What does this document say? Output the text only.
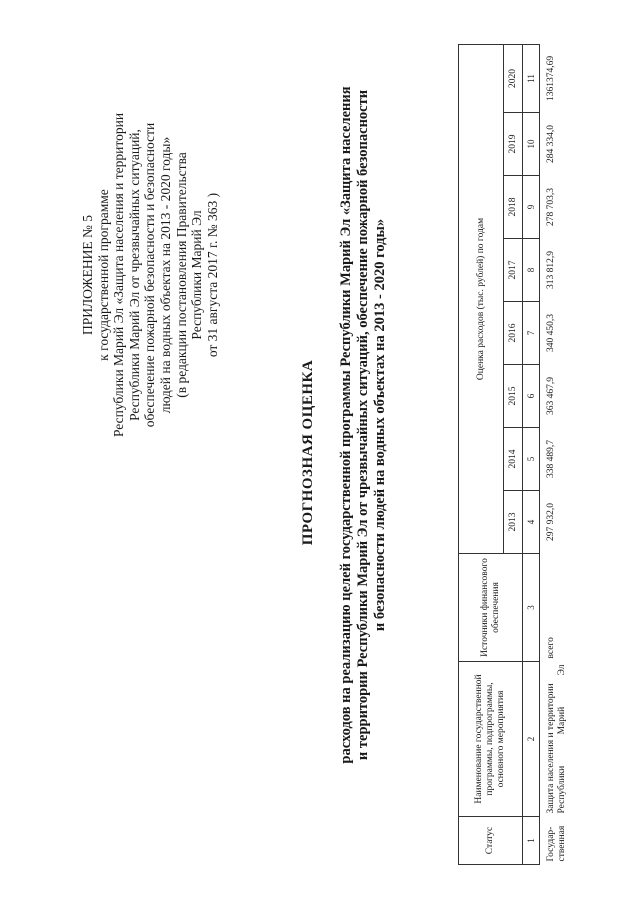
ПРИЛОЖЕНИЕ № 5 к государственной программе Республики Марий Эл «Защита населения и территории Республики Марий Эл от чрезвычайных ситуаций, обеспечение пожарной безопасности и безопасности людей на водных объектах на 2013 - 2020 годы» (в редакции постановления Правительства Республики Марий Эл от 31 августа 2017 г. № 363 )
ПРОГНОЗНАЯ ОЦЕНКА расходов на реализацию целей государственной программы Республики Марий Эл «Защита населения и территории Республики Марий Эл от чрезвычайных ситуаций, обеспечение пожарной безопасности и безопасности людей на водных объектах на 2013 - 2020 годы»
Статус	Наименование государственной программы, подпрограммы, основного мероприятия	Источники финансового обеспечения	Оценка расходов (тыс. рублей) по годам							
			2013	2014	2015	2016	2017	2018	2019	2020
1	2	3	4	5	6	7	8	9	10	11
Государ-ственная	Защита населения и территории Республики Марий Эл	всего	297 932,0	338 489,7	363 467,9	340 450,3	313 812,9	278 703,3	284 334,0	1361374,69
